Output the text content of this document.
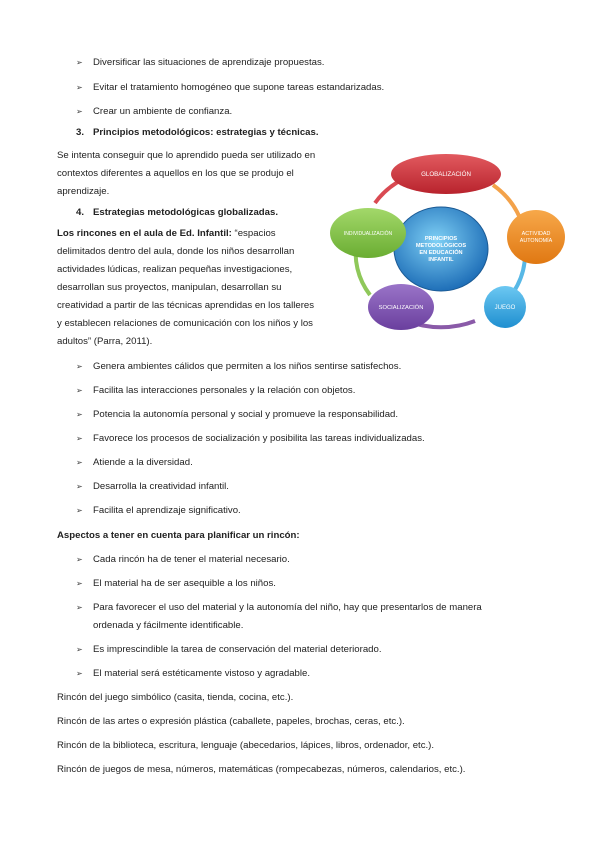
➢ Diversificar las situaciones de aprendizaje propuestas.
➢ Evitar el tratamiento homogéneo que supone tareas estandarizadas.
➢ Crear un ambiente de confianza.
3. Principios metodológicos: estrategias y técnicas.
Se intenta conseguir que lo aprendido pueda ser utilizado en
contextos diferentes a aquellos en los que se produjo el
aprendizaje.
4. Estrategias metodológicas globalizadas.
Los rincones en el aula de Ed. Infantil: “espacios
delimitados dentro del aula, donde los niños desarrollan
actividades lúdicas, realizan pequeñas investigaciones,
desarrollan sus proyectos, manipulan, desarrollan su
creatividad a partir de las técnicas aprendidas en los talleres
y establecen relaciones de comunicación con los niños y los
adultos” (Parra, 2011).
PRINCIPIOS
METODOLÓGICOS
EN EDUCACIÓN
INFANTIL
GLOBALIZACIÓN
ACTIVIDAD
AUTONOMÍA
JUEGO
SOCIALIZACIÓN
INDIVIDUALIZACIÓN
➢ Genera ambientes cálidos que permiten a los niños sentirse satisfechos.
➢ Facilita las interacciones personales y la relación con objetos.
➢ Potencia la autonomía personal y social y promueve la responsabilidad.
➢ Favorece los procesos de socialización y posibilita las tareas individualizadas.
➢ Atiende a la diversidad.
➢ Desarrolla la creatividad infantil.
➢ Facilita el aprendizaje significativo.
Aspectos a tener en cuenta para planificar un rincón:
➢ Cada rincón ha de tener el material necesario.
➢ El material ha de ser asequible a los niños.
➢ Para favorecer el uso del material y la autonomía del niño, hay que presentarlos de manera
ordenada y fácilmente identificable.
➢ Es imprescindible la tarea de conservación del material deteriorado.
➢ El material será estéticamente vistoso y agradable.
Rincón del juego simbólico (casita, tienda, cocina, etc.).
Rincón de las artes o expresión plástica (caballete, papeles, brochas, ceras, etc.).
Rincón de la biblioteca, escritura, lenguaje (abecedarios, lápices, libros, ordenador, etc.).
Rincón de juegos de mesa, números, matemáticas (rompecabezas, números, calendarios, etc.).
